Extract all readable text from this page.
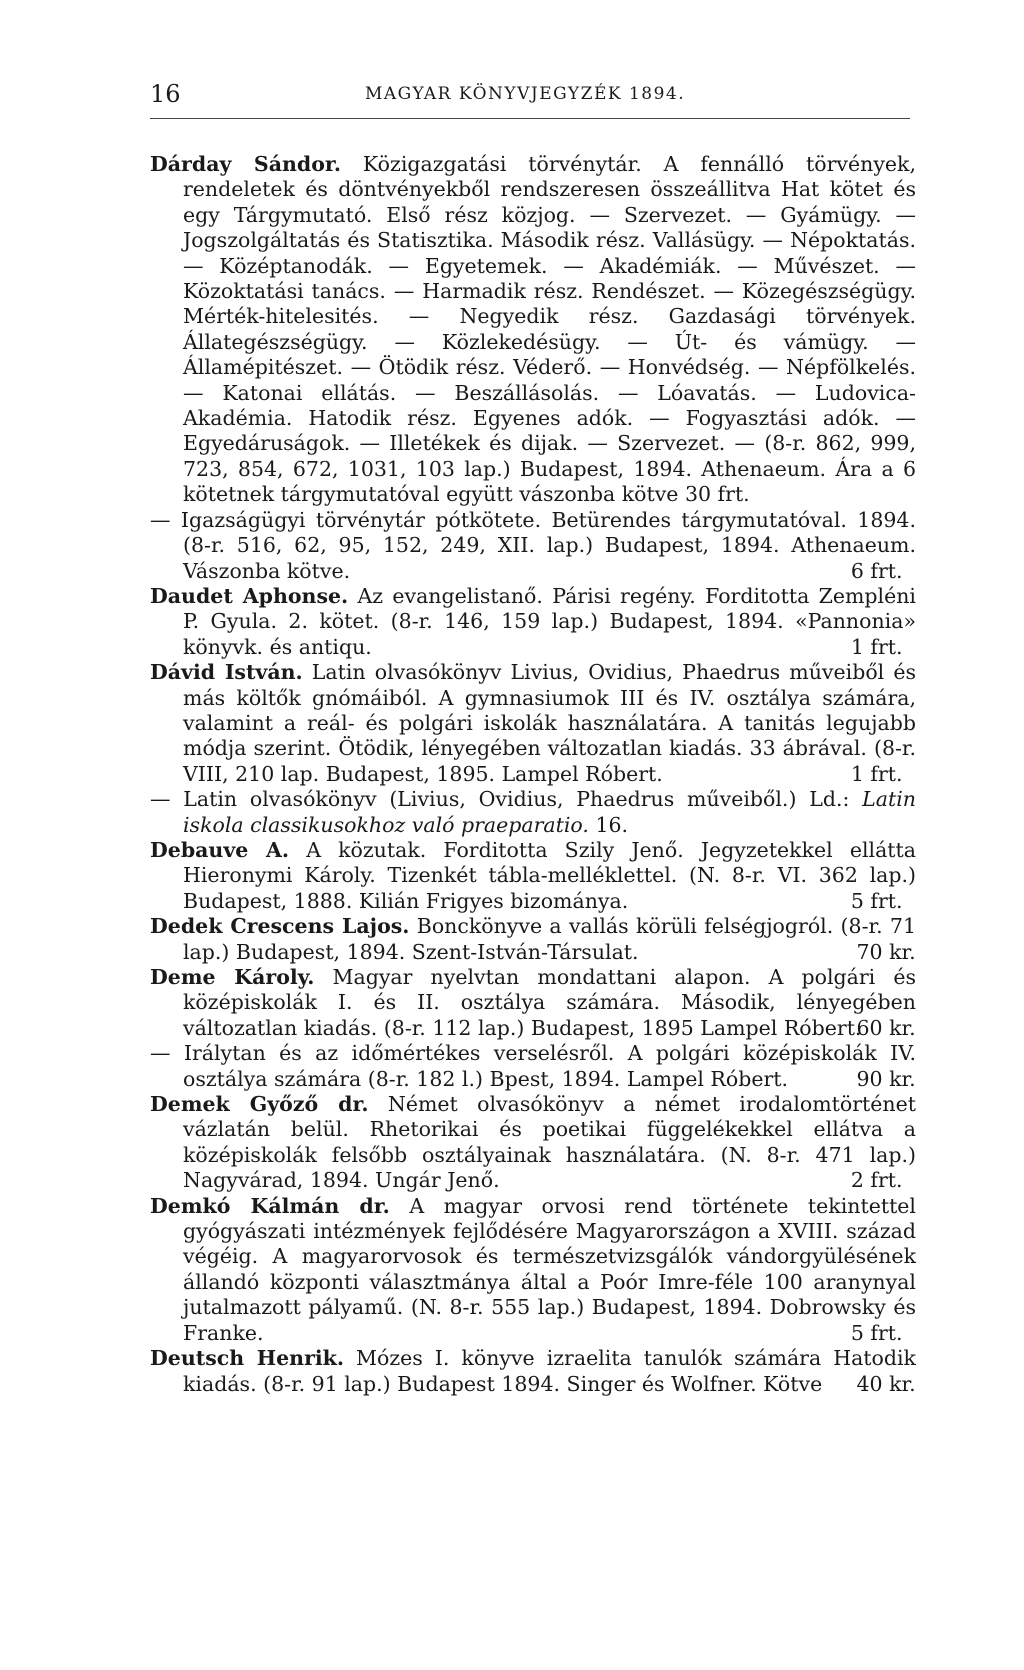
16	MAGYAR KÖNYVJEGYZÉK 1894.

Dárday Sándor. Közigazgatási törvénytár. A fennálló törvények, rendeletek és döntvényekből rendszeresen összeállitva Hat kötet és egy Tárgymutató. Első rész közjog. — Szervezet. — Gyámügy. — Jogszolgáltatás és Statisztika. Második rész. Vallásügy. — Népoktatás. — Középtanodák. — Egyetemek. — Akadémiák. — Művészet. — Közoktatási tanács. — Harmadik rész. Rendészet. — Közegészségügy. Mérték-hitelesités. — Negyedik rész. Gazdasági törvények. Állategészségügy. — Közlekedésügy. — Út- és vámügy. — Államépitészet. — Ötödik rész. Véderő. — Honvédség. — Népfölkelés. — Katonai ellátás. — Beszállásolás. — Lóavatás. — Ludovica-Akadémia. Hatodik rész. Egyenes adók. — Fogyasztási adók. — Egyedáruságok. — Illetékek és dijak. — Szervezet. — (8-r. 862, 999, 723, 854, 672, 1031, 103 lap.) Budapest, 1894. Athenaeum. Ára a 6 kötetnek tárgymutatóval együtt vászonba kötve 30 frt.

— Igazságügyi törvénytár pótkötete. Betürendes tárgymutatóval. 1894. (8-r. 516, 62, 95, 152, 249, XII. lap.) Budapest, 1894. Athenaeum. Vászonba kötve.	6 frt.

Daudet Aphonse. Az evangelistanő. Párisi regény. Forditotta Zempléni P. Gyula. 2. kötet. (8-r. 146, 159 lap.) Budapest, 1894. «Pannonia» könyvk. és antiqu.	1 frt.

Dávid István. Latin olvasókönyv Livius, Ovidius, Phaedrus műveiből és más költők gnómáiból. A gymnasiumok III és IV. osztálya számára, valamint a reál- és polgári iskolák használatára. A tanitás legujabb módja szerint. Ötödik, lényegében változatlan kiadás. 33 ábrával. (8-r. VIII, 210 lap. Budapest, 1895. Lampel Róbert.	1 frt.

— Latin olvasókönyv (Livius, Ovidius, Phaedrus műveiből.) Ld.: Latin iskola classikusokhoz való praeparatio. 16.

Debauve A. A közutak. Forditotta Szily Jenő. Jegyzetekkel ellátta Hieronymi Károly. Tizenkét tábla-melléklettel. (N. 8-r. VI. 362 lap.) Budapest, 1888. Kilián Frigyes bizománya.	5 frt.

Dedek Crescens Lajos. Bonckönyve a vallás körüli felségjogról. (8-r. 71 lap.) Budapest, 1894. Szent-István-Társulat.	70 kr.

Deme Károly. Magyar nyelvtan mondattani alapon. A polgári és középiskolák I. és II. osztálya számára. Második, lényegében változatlan kiadás. (8-r. 112 lap.) Budapest, 1895 Lampel Róbert.
60 kr.

— Irálytan és az időmértékes verselésről. A polgári középiskolák IV. osztálya számára (8-r. 182 l.) Bpest, 1894. Lampel Róbert.	90 kr.

Demek Győző dr. Német olvasókönyv a német irodalomtörténet vázlatán belül. Rhetorikai és poetikai függelékekkel ellátva a középiskolák felsőbb osztályainak használatára. (N. 8-r. 471 lap.) Nagyvárad, 1894. Ungár Jenő.	2 frt.

Demkó Kálmán dr. A magyar orvosi rend története tekintettel gyógyászati intézmények fejlődésére Magyarországon a XVIII. század végéig. A magyarorvosok és természetvizsgálók vándorgyülésének állandó központi választmánya által a Poór Imre-féle 100 aranynyal jutalmazott pályamű. (N. 8-r. 555 lap.) Budapest, 1894. Dobrowsky és Franke.	5 frt.

Deutsch Henrik. Mózes I. könyve izraelita tanulók számára Hatodik kiadás. (8-r. 91 lap.) Budapest 1894. Singer és Wolfner. Kötve 40 kr.
